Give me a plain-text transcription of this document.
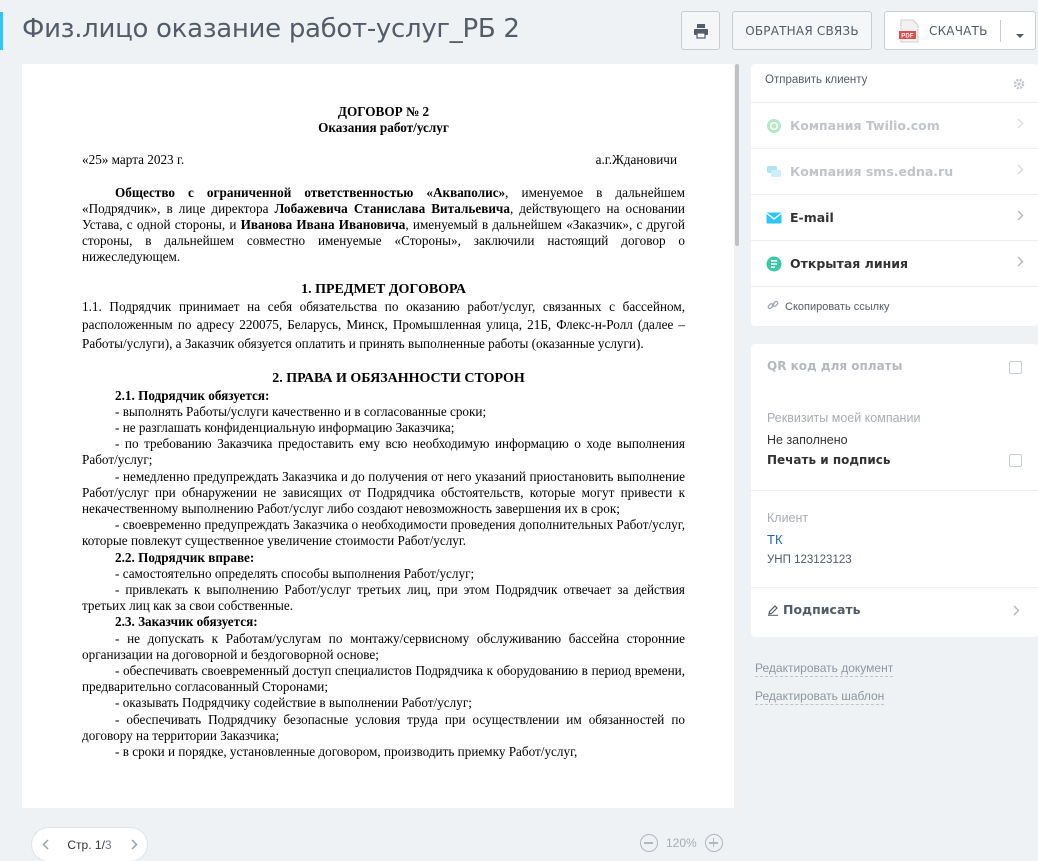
Физ.лицо оказание работ-услуг_РБ 2	ОБРАТНАЯ СВЯЗЬ	PDF СКАЧАТЬ

ДОГОВОР № 2

Оказания работ/услуг

«25» марта 2023 г.	а.г.Ждановичи

Общество с ограниченной ответственностью «Акваполис», именуемое в дальнейшем «Подрядчик», в лице директора Лобажевича Станислава Витальевича, действующего на основании Устава, с одной стороны, и Иванова Ивана Ивановича, именуемый в дальнейшем «Заказчик», с другой стороны, в дальнейшем совместно именуемые «Стороны», заключили настоящий договор о нижеследующем.

1. ПРЕДМЕТ ДОГОВОРА

1.1. Подрядчик принимает на себя обязательства по оказанию работ/услуг, связанных с бассейном, расположенным по адресу 220075, Беларусь, Минск, Промышленная улица, 21Б, Флекс-н-Ролл (далее – Работы/услуги), а Заказчик обязуется оплатить и принять выполненные работы (оказанные услуги).

2. ПРАВА И ОБЯЗАННОСТИ СТОРОН

2.1. Подрядчик обязуется:

- выполнять Работы/услуги качественно и в согласованные сроки;

- не разглашать конфиденциальную информацию Заказчика;

- по требованию Заказчика предоставить ему всю необходимую информацию о ходе выполнения Работ/услуг;

- немедленно предупреждать Заказчика и до получения от него указаний приостановить выполнение Работ/услуг при обнаружении не зависящих от Подрядчика обстоятельств, которые могут привести к некачественному выполнению Работ/услуг либо создают невозможность завершения их в срок;

- своевременно предупреждать Заказчика о необходимости проведения дополнительных Работ/услуг, которые повлекут существенное увеличение стоимости Работ/услуг.

2.2. Подрядчик вправе:

- самостоятельно определять способы выполнения Работ/услуг;

- привлекать к выполнению Работ/услуг третьих лиц, при этом Подрядчик отвечает за действия третьих лиц как за свои собственные.

2.3. Заказчик обязуется:

- не допускать к Работам/услугам по монтажу/сервисному обслуживанию бассейна сторонние организации на договорной и бездоговорной основе;

- обеспечивать своевременный доступ специалистов Подрядчика к оборудованию в период времени, предварительно согласованный Сторонами;

- оказывать Подрядчику содействие в выполнении Работ/услуг;

- обеспечивать Подрядчику безопасные условия труда при осуществлении им обязанностей по договору на территории Заказчика;

- в сроки и порядке, установленные договором, производить приемку Работ/услуг,

Стр. 1/3	120%
Отправить клиенту
Компания Twilio.com
Компания sms.edna.ru
E-mail
Открытая линия
Скопировать ссылку
QR код для оплаты
Реквизиты моей компании
Не заполнено
Печать и подпись
Клиент
ТК
УНП 123123123
Подписать
Редактировать документ
Редактировать шаблон
